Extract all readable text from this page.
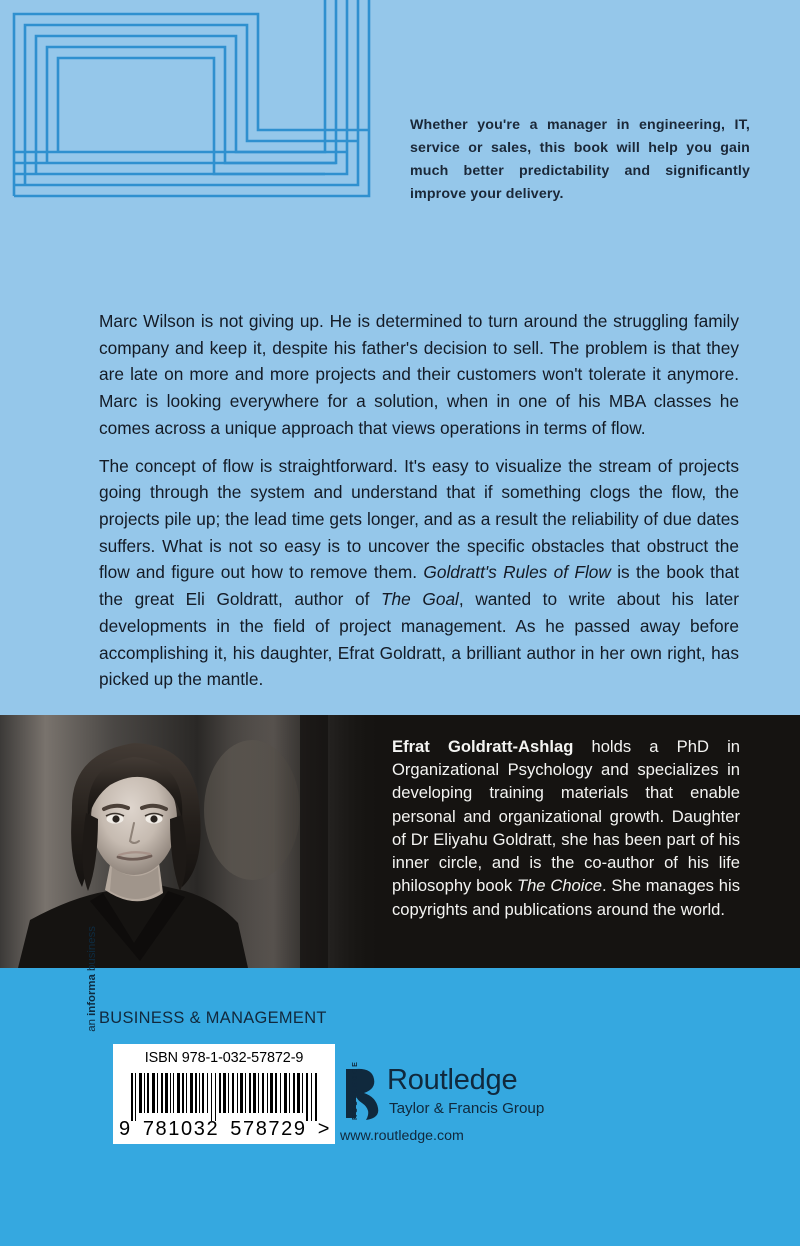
Whether you're a manager in engineering, IT, service or sales, this book will help you gain much better predictability and significantly improve your delivery.

Marc Wilson is not giving up. He is determined to turn around the struggling family company and keep it, despite his father's decision to sell. The problem is that they are late on more and more projects and their customers won't tolerate it anymore. Marc is looking everywhere for a solution, when in one of his MBA classes he comes across a unique approach that views operations in terms of flow.

The concept of flow is straightforward. It's easy to visualize the stream of projects going through the system and understand that if something clogs the flow, the projects pile up; the lead time gets longer, and as a result the reliability of due dates suffers. What is not so easy is to uncover the specific obstacles that obstruct the flow and figure out how to remove them. Goldratt's Rules of Flow is the book that the great Eli Goldratt, author of The Goal, wanted to write about his later developments in the field of project management. As he passed away before accomplishing it, his daughter, Efrat Goldratt, a brilliant author in her own right, has picked up the mantle.

Efrat Goldratt-Ashlag holds a PhD in Organizational Psychology and specializes in developing training materials that enable personal and organizational growth. Daughter of Dr Eliyahu Goldratt, she has been part of his inner circle, and is the co-author of his life philosophy book The Choice. She manages his copyrights and publications around the world.

BUSINESS & MANAGEMENT
an informa business
ISBN 978-1-032-57872-9
9 781032 578729 >
ROUTLEDGE Routledge
Taylor & Francis Group
www.routledge.com
